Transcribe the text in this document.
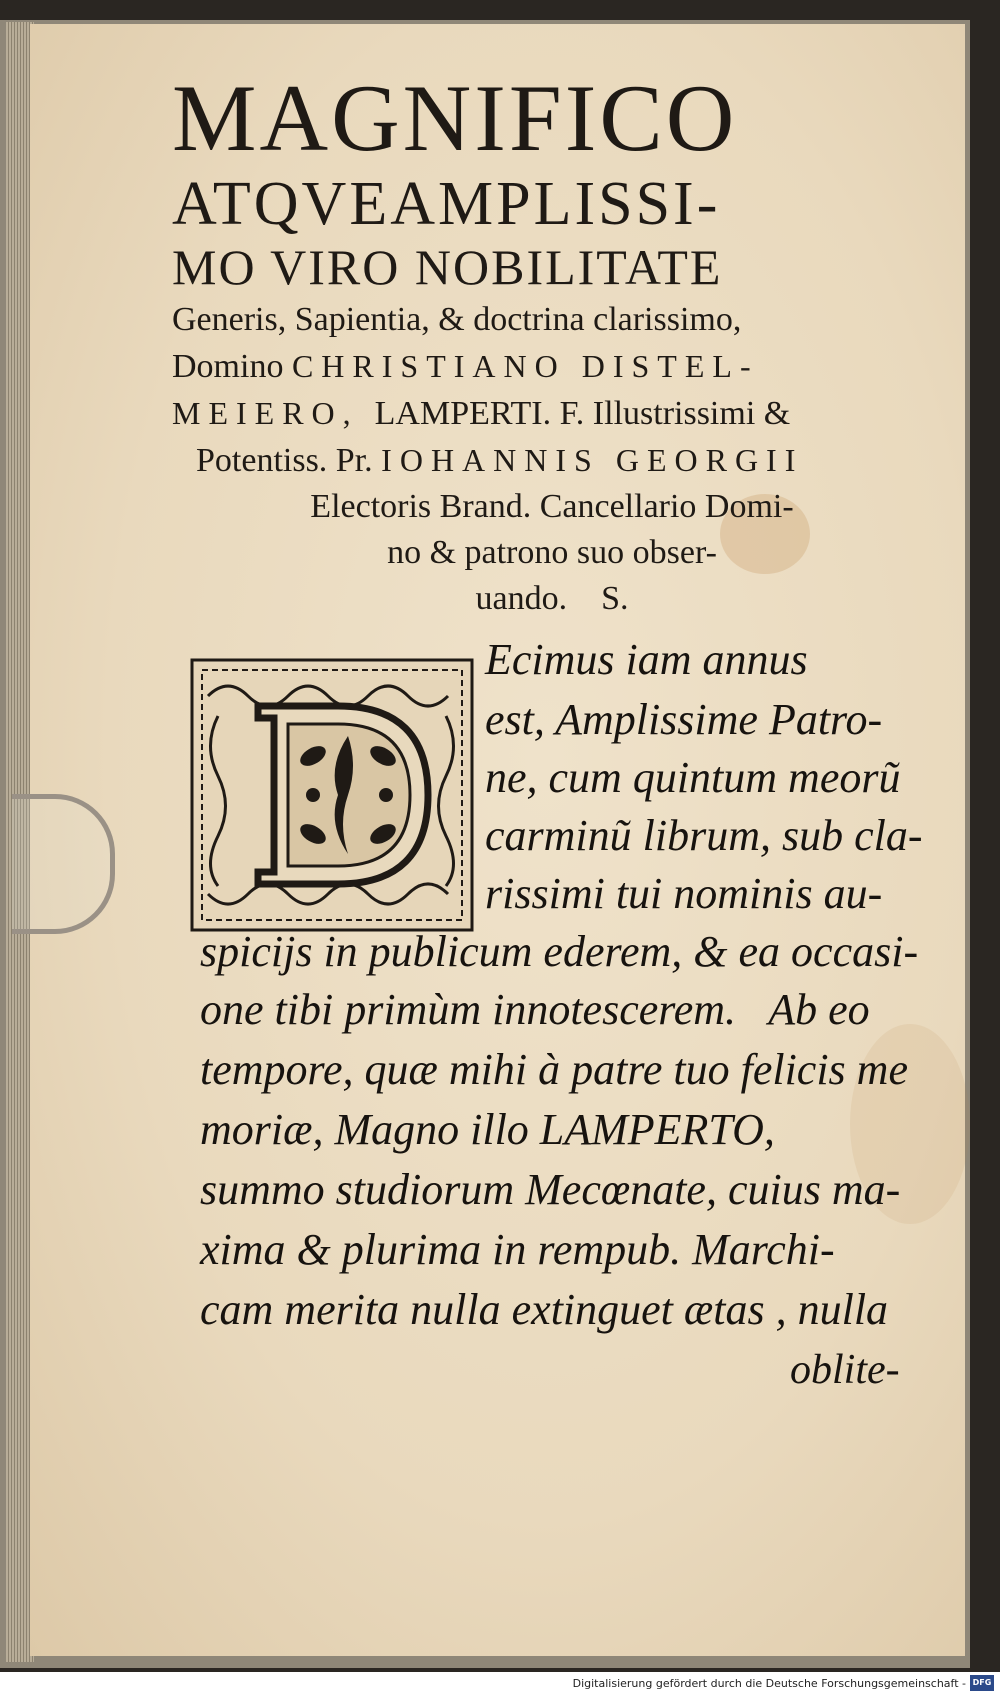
MAGNIFICO
ATQVEAMPLISSI-
MO VIRO NOBILITATE
Generis, Sapientia, & doctrina clarissimo,
Domino CHRISTIANO DISTEL-
MEIERO, LAMPERTI. F. Illustrissimi &
Potentiss. Pr. IOHANNIS GEORGII
Electoris Brand. Cancellario Domi-
no & patrono suo obser-
uando.    S.
Ecimus iam annus
est, Amplissime Patro-
ne, cum quintum meorũ
carminũ librum, sub cla-
rissimi tui nominis au-
spicijs in publicum ederem, & ea occasi-
one tibi primùm innotescerem.   Ab eo
tempore, quæ mihi à patre tuo felicis me
moriæ, Magno illo LAMPERTO,
summo studiorum Mecœnate, cuius ma-
xima & plurima in rempub. Marchi-
cam merita nulla extinguet ætas , nulla
oblite-
Digitalisierung gefördert durch die Deutsche Forschungsgemeinschaft - DFG
